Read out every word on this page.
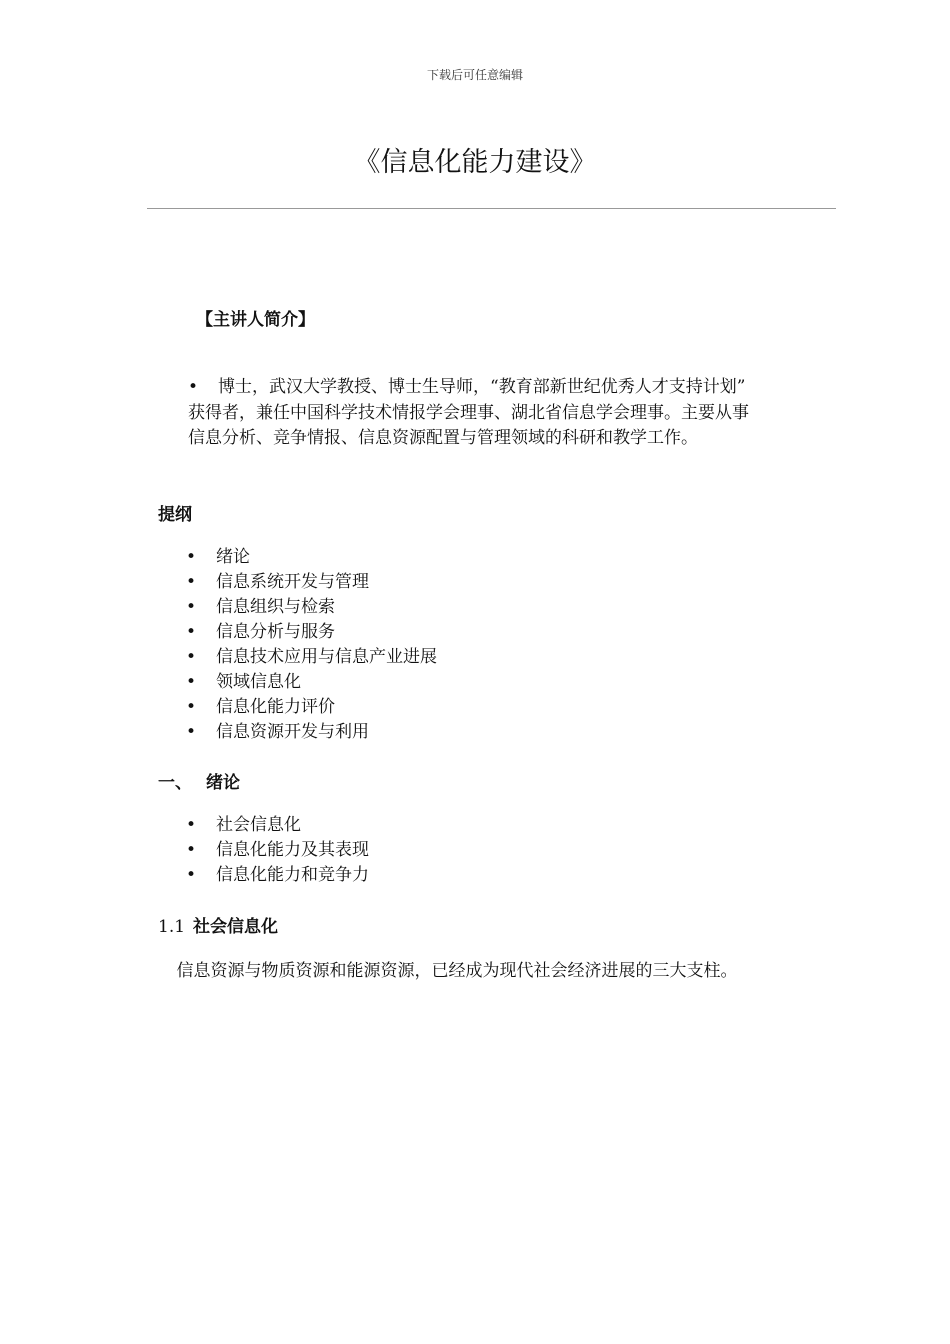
下载后可任意编辑
《信息化能力建设》
【主讲人简介】

• 博士，武汉大学教授、博士生导师，“教育部新世纪优秀人才支持计划” 获得者，兼任中国科学技术情报学会理事、湖北省信息学会理事。主要从事信息分析、竞争情报、信息资源配置与管理领域的科研和教学工作。

提纲
• 绪论
• 信息系统开发与管理
• 信息组织与检索
• 信息分析与服务
• 信息技术应用与信息产业进展
• 领域信息化
• 信息化能力评价
• 信息资源开发与利用
一、 绪论
• 社会信息化
• 信息化能力及其表现
• 信息化能力和竞争力
1.1 社会信息化

信息资源与物质资源和能源资源，已经成为现代社会经济进展的三大支柱。
